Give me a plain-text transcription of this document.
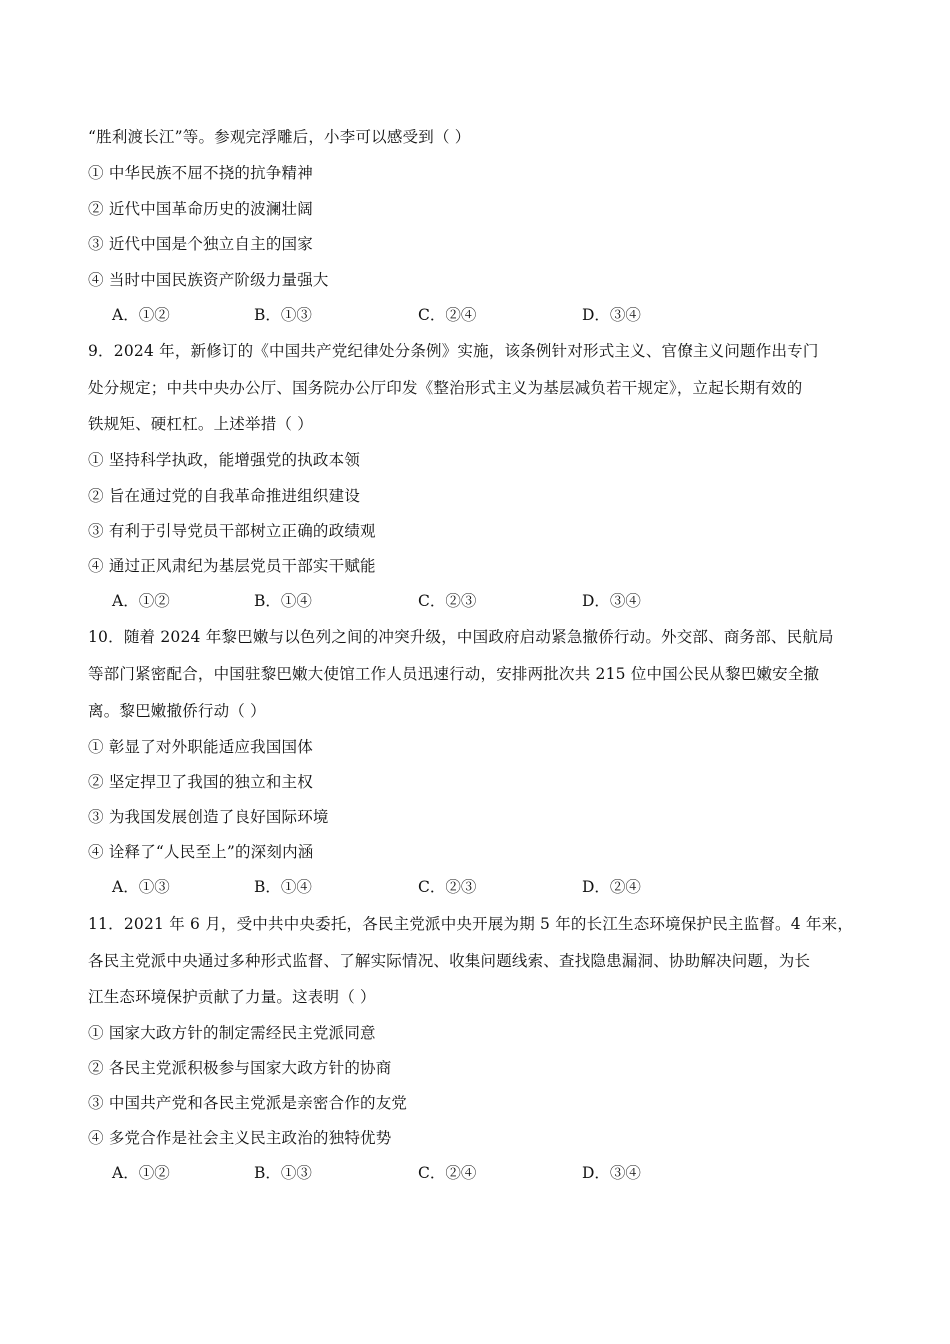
“胜利渡长江”等。参观完浮雕后，小李可以感受到（ ）
① 中华民族不屈不挠的抗争精神
② 近代中国革命历史的波澜壮阔
③ 近代中国是个独立自主的国家
④ 当时中国民族资产阶级力量强大
A．①②	B．①③	C．②④	D．③④
9．2024 年，新修订的《中国共产党纪律处分条例》实施，该条例针对形式主义、官僚主义问题作出专门
处分规定；中共中央办公厅、国务院办公厅印发《整治形式主义为基层减负若干规定》，立起长期有效的
铁规矩、硬杠杠。上述举措（ ）
① 坚持科学执政，能增强党的执政本领
② 旨在通过党的自我革命推进组织建设
③ 有利于引导党员干部树立正确的政绩观
④ 通过正风肃纪为基层党员干部实干赋能
A．①②	B．①④	C．②③	D．③④
10．随着 2024 年黎巴嫩与以色列之间的冲突升级，中国政府启动紧急撤侨行动。外交部、商务部、民航局
等部门紧密配合，中国驻黎巴嫩大使馆工作人员迅速行动，安排两批次共 215 位中国公民从黎巴嫩安全撤
离。黎巴嫩撤侨行动（ ）
① 彰显了对外职能适应我国国体
② 坚定捍卫了我国的独立和主权
③ 为我国发展创造了良好国际环境
④ 诠释了“人民至上”的深刻内涵
A．①③	B．①④	C．②③	D．②④
11．2021 年 6 月，受中共中央委托，各民主党派中央开展为期 5 年的长江生态环境保护民主监督。4 年来，
各民主党派中央通过多种形式监督、了解实际情况、收集问题线索、查找隐患漏洞、协助解决问题，为长
江生态环境保护贡献了力量。这表明（ ）
① 国家大政方针的制定需经民主党派同意
② 各民主党派积极参与国家大政方针的协商
③ 中国共产党和各民主党派是亲密合作的友党
④ 多党合作是社会主义民主政治的独特优势
A．①②	B．①③	C．②④	D．③④
